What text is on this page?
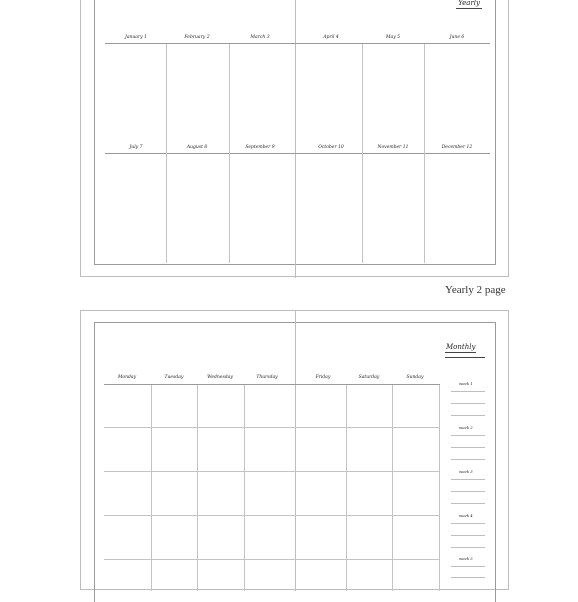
Yearly
January 1	February 2	March 3	April 4	May 5	June 6
July 7	August 8	September 9	October 10	November 11	December 12
Yearly 2 page
Monthly
Monday	Tuesday	Wednesday	Thursday	Friday	Saturday	Sunday
week 1
week 2
week 3
week 4
week 5
